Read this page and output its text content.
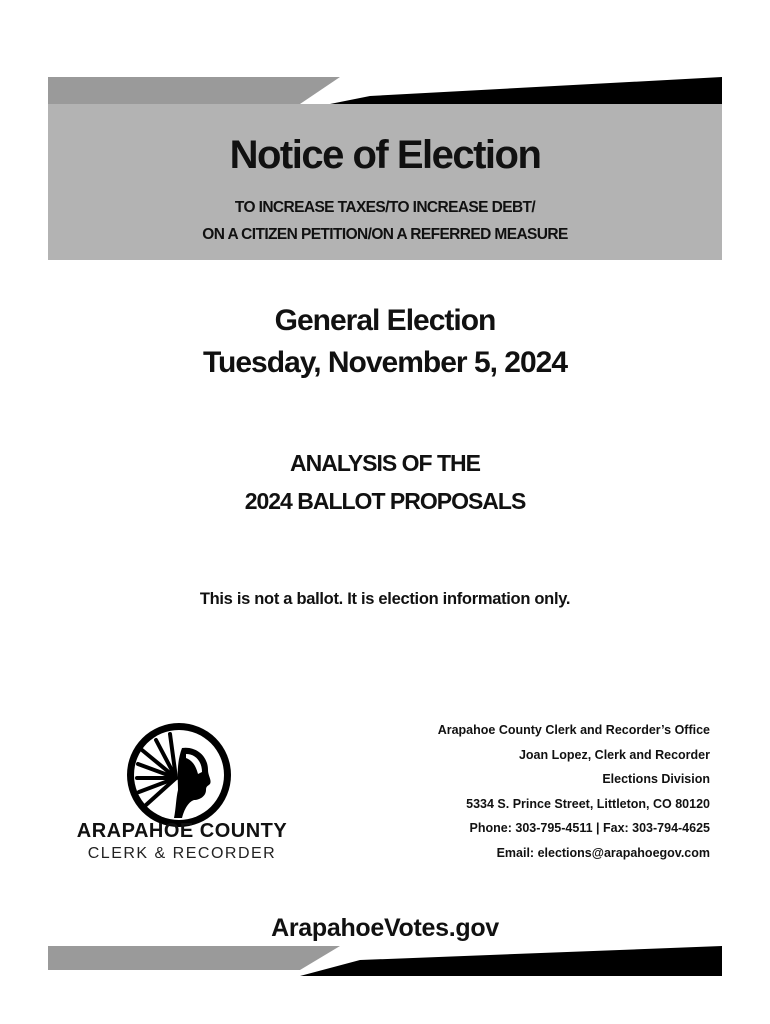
Notice of Election
TO INCREASE TAXES/TO INCREASE DEBT/
ON A CITIZEN PETITION/ON A REFERRED MEASURE
General Election
Tuesday, November 5, 2024
ANALYSIS OF THE
2024 BALLOT PROPOSALS
This is not a ballot. It is election information only.
ARAPAHOE COUNTY
CLERK & RECORDER
Arapahoe County Clerk and Recorder’s Office
Joan Lopez, Clerk and Recorder
Elections Division
5334 S. Prince Street, Littleton, CO 80120
Phone: 303-795-4511 | Fax: 303-794-4625
Email: elections@arapahoegov.com
ArapahoeVotes.gov
